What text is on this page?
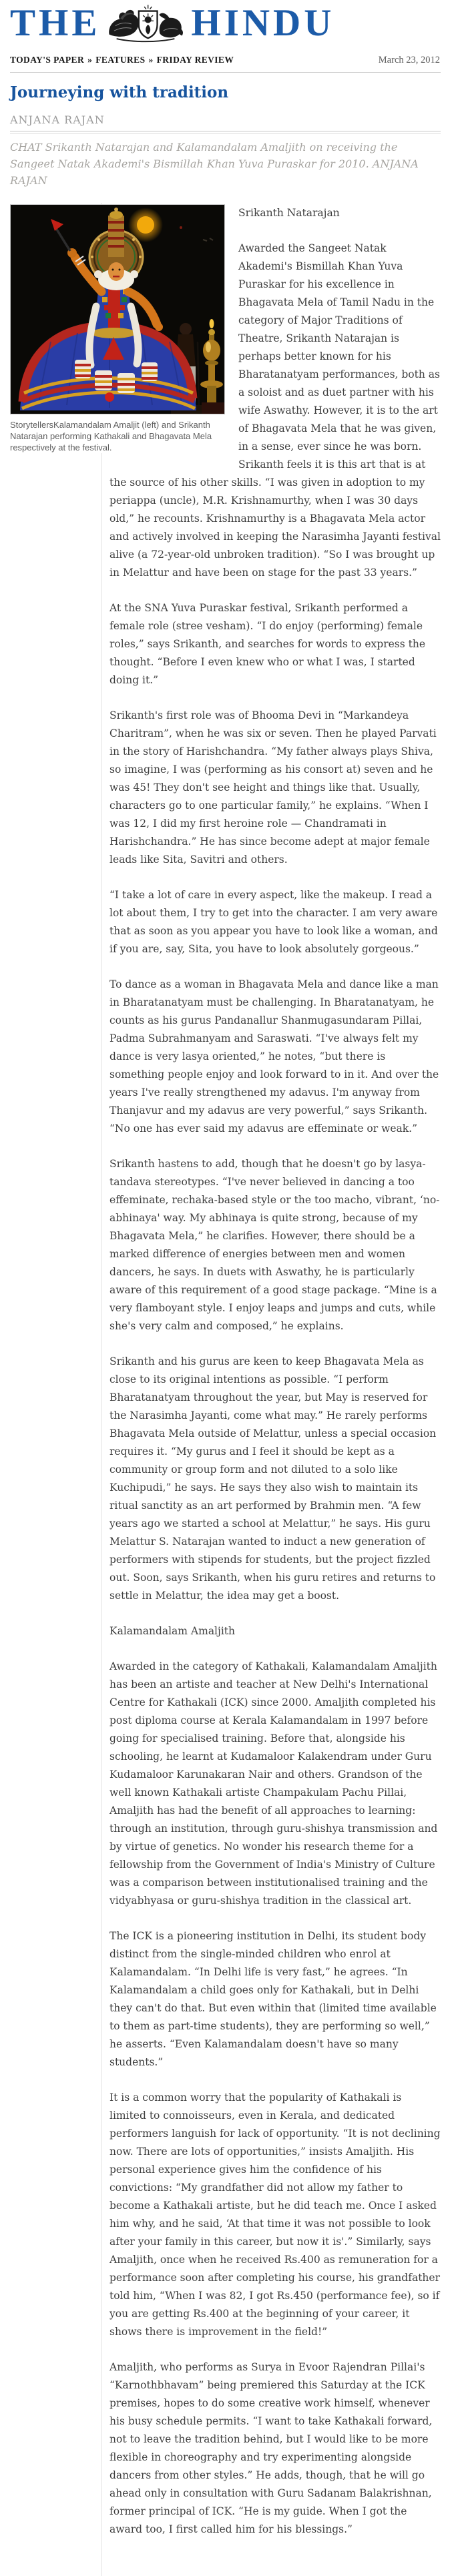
THE HINDU
TODAY'S PAPER » FEATURES » FRIDAY REVIEW	March 23, 2012
Journeying with tradition
ANJANA RAJAN

CHAT Srikanth Natarajan and Kalamandalam Amaljith on receiving the Sangeet Natak Akademi's Bismillah Khan Yuva Puraskar for 2010. ANJANA RAJAN

StorytellersKalamandalam Amaljit (left) and Srikanth Natarajan performing Kathakali and Bhagavata Mela respectively at the festival.

Srikanth Natarajan

Awarded the Sangeet Natak Akademi's Bismillah Khan Yuva Puraskar for his excellence in Bhagavata Mela of Tamil Nadu in the category of Major Traditions of Theatre, Srikanth Natarajan is perhaps better known for his Bharatanatyam performances, both as a soloist and as duet partner with his wife Aswathy. However, it is to the art of Bhagavata Mela that he was given, in a sense, ever since he was born. Srikanth feels it is this art that is at the source of his other skills. “I was given in adoption to my periappa (uncle), M.R. Krishnamurthy, when I was 30 days old,” he recounts. Krishnamurthy is a Bhagavata Mela actor and actively involved in keeping the Narasimha Jayanti festival alive (a 72-year-old unbroken tradition). “So I was brought up in Melattur and have been on stage for the past 33 years.”

At the SNA Yuva Puraskar festival, Srikanth performed a female role (stree vesham). “I do enjoy (performing) female roles,” says Srikanth, and searches for words to express the thought. “Before I even knew who or what I was, I started doing it.”

Srikanth's first role was of Bhooma Devi in “Markandeya Charitram”, when he was six or seven. Then he played Parvati in the story of Harishchandra. “My father always plays Shiva, so imagine, I was (performing as his consort at) seven and he was 45! They don't see height and things like that. Usually, characters go to one particular family,” he explains. “When I was 12, I did my first heroine role — Chandramati in Harishchandra.” He has since become adept at major female leads like Sita, Savitri and others.

“I take a lot of care in every aspect, like the makeup. I read a lot about them, I try to get into the character. I am very aware that as soon as you appear you have to look like a woman, and if you are, say, Sita, you have to look absolutely gorgeous.”

To dance as a woman in Bhagavata Mela and dance like a man in Bharatanatyam must be challenging. In Bharatanatyam, he counts as his gurus Pandanallur Shanmugasundaram Pillai, Padma Subrahmanyam and Saraswati. “I've always felt my dance is very lasya oriented,” he notes, “but there is something people enjoy and look forward to in it. And over the years I've really strengthened my adavus. I'm anyway from Thanjavur and my adavus are very powerful,” says Srikanth. “No one has ever said my adavus are effeminate or weak.”

Srikanth hastens to add, though that he doesn't go by lasya-tandava stereotypes. “I've never believed in dancing a too effeminate, rechaka-based style or the too macho, vibrant, ‘no-abhinaya' way. My abhinaya is quite strong, because of my Bhagavata Mela,” he clarifies. However, there should be a marked difference of energies between men and women dancers, he says. In duets with Aswathy, he is particularly aware of this requirement of a good stage package. “Mine is a very flamboyant style. I enjoy leaps and jumps and cuts, while she's very calm and composed,” he explains.

Srikanth and his gurus are keen to keep Bhagavata Mela as close to its original intentions as possible. “I perform Bharatanatyam throughout the year, but May is reserved for the Narasimha Jayanti, come what may.” He rarely performs Bhagavata Mela outside of Melattur, unless a special occasion requires it. “My gurus and I feel it should be kept as a community or group form and not diluted to a solo like Kuchipudi,” he says. He says they also wish to maintain its ritual sanctity as an art performed by Brahmin men. “A few years ago we started a school at Melattur,” he says. His guru Melattur S. Natarajan wanted to induct a new generation of performers with stipends for students, but the project fizzled out. Soon, says Srikanth, when his guru retires and returns to settle in Melattur, the idea may get a boost.

Kalamandalam Amaljith

Awarded in the category of Kathakali, Kalamandalam Amaljith has been an artiste and teacher at New Delhi's International Centre for Kathakali (ICK) since 2000. Amaljith completed his post diploma course at Kerala Kalamandalam in 1997 before going for specialised training. Before that, alongside his schooling, he learnt at Kudamaloor Kalakendram under Guru Kudamaloor Karunakaran Nair and others. Grandson of the well known Kathakali artiste Champakulam Pachu Pillai, Amaljith has had the benefit of all approaches to learning: through an institution, through guru-shishya transmission and by virtue of genetics. No wonder his research theme for a fellowship from the Government of India's Ministry of Culture was a comparison between institutionalised training and the vidyabhyasa or guru-shishya tradition in the classical art.

The ICK is a pioneering institution in Delhi, its student body distinct from the single-minded children who enrol at Kalamandalam. “In Delhi life is very fast,” he agrees. “In Kalamandalam a child goes only for Kathakali, but in Delhi they can't do that. But even within that (limited time available to them as part-time students), they are performing so well,” he asserts. “Even Kalamandalam doesn't have so many students.”

It is a common worry that the popularity of Kathakali is limited to connoisseurs, even in Kerala, and dedicated performers languish for lack of opportunity. “It is not declining now. There are lots of opportunities,” insists Amaljith. His personal experience gives him the confidence of his convictions: “My grandfather did not allow my father to become a Kathakali artiste, but he did teach me. Once I asked him why, and he said, ‘At that time it was not possible to look after your family in this career, but now it is'.” Similarly, says Amaljith, once when he received Rs.400 as remuneration for a performance soon after completing his course, his grandfather told him, “When I was 82, I got Rs.450 (performance fee), so if you are getting Rs.400 at the beginning of your career, it shows there is improvement in the field!”

Amaljith, who performs as Surya in Evoor Rajendran Pillai's “Karnothbhavam” being premiered this Saturday at the ICK premises, hopes to do some creative work himself, whenever his busy schedule permits. “I want to take Kathakali forward, not to leave the tradition behind, but I would like to be more flexible in choreography and try experimenting alongside dancers from other styles.” He adds, though, that he will go ahead only in consultation with Guru Sadanam Balakrishnan, former principal of ICK. “He is my guide. When I got the award too, I first called him for his blessings.”
